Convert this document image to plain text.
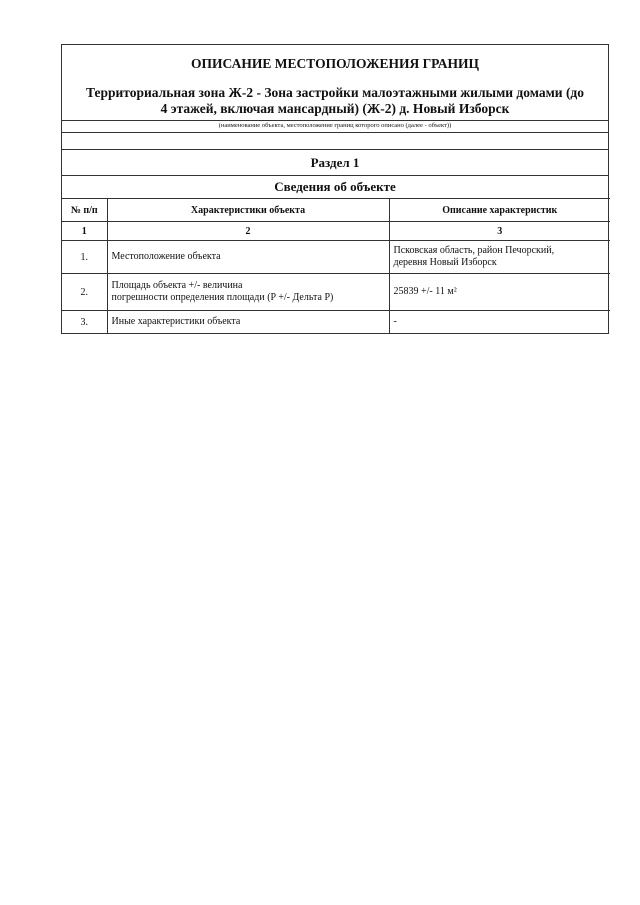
ОПИСАНИЕ МЕСТОПОЛОЖЕНИЯ ГРАНИЦ
Территориальная зона Ж-2 - Зона застройки малоэтажными жилыми домами (до
4 этажей, включая мансардный) (Ж-2) д. Новый Изборск
(наименование объекта, местоположение границ которого описано (далее - объект))
Раздел 1
Сведения об объекте
№ п/п	Характеристики объекта	Описание характеристик
1	2	3
1.	Местоположение объекта	Псковская область, район Печорский,
деревня Новый Изборск

2.	Площадь объекта +/- величина
погрешности определения площади (P +/- Дельта P)	25839 +/- 11 м²

3.	Иные характеристики объекта	-
